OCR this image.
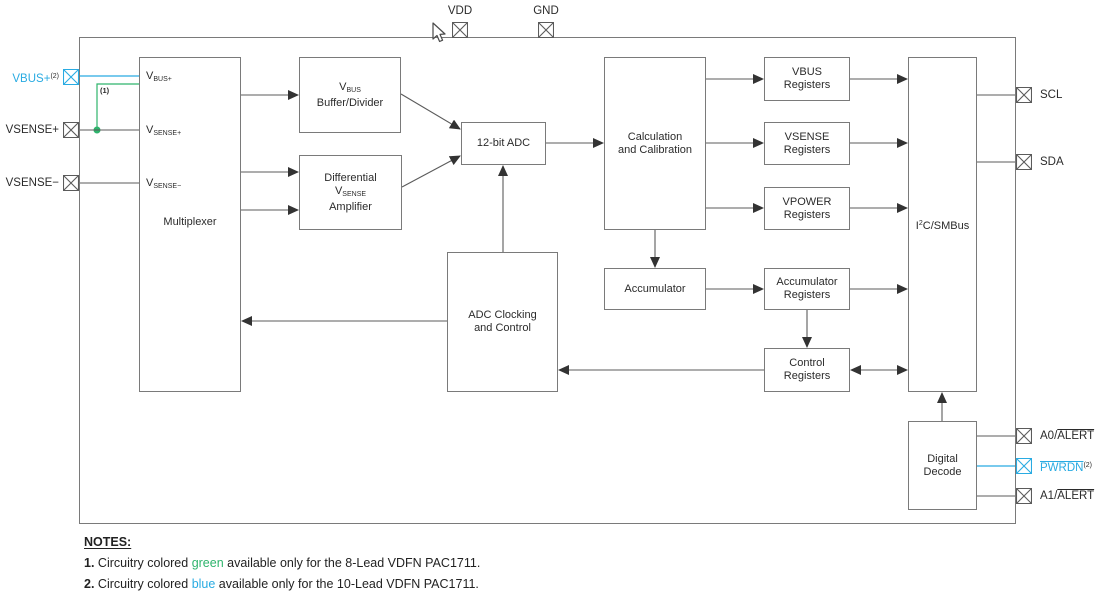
$V_{BUS+}$
$V_{SENSE+}$
$V_{SENSE-}$
Multiplexer
$V_{BUS}$
Buffer/Divider
Differential
$V_{SENSE}$
Amplifier
12-bit ADC
ADC Clocking
and Control
Calculation
and Calibration
VBUS
Registers
VSENSE
Registers
VPOWER
Registers
Accumulator
Accumulator
Registers
Control
Registers
$I^2C$/SMBus
Digital
Decode
VBUS+$^{(2)}$
VSENSE+
VSENSE−
VDD	GND
SCL
SDA
A0/ALERT
PWRDN$^{(2)}$
A1/ALERT
(1)
NOTES:
1. Circuitry colored green available only for the 8-Lead VDFN PAC1711.
2. Circuitry colored blue available only for the 10-Lead VDFN PAC1711.
